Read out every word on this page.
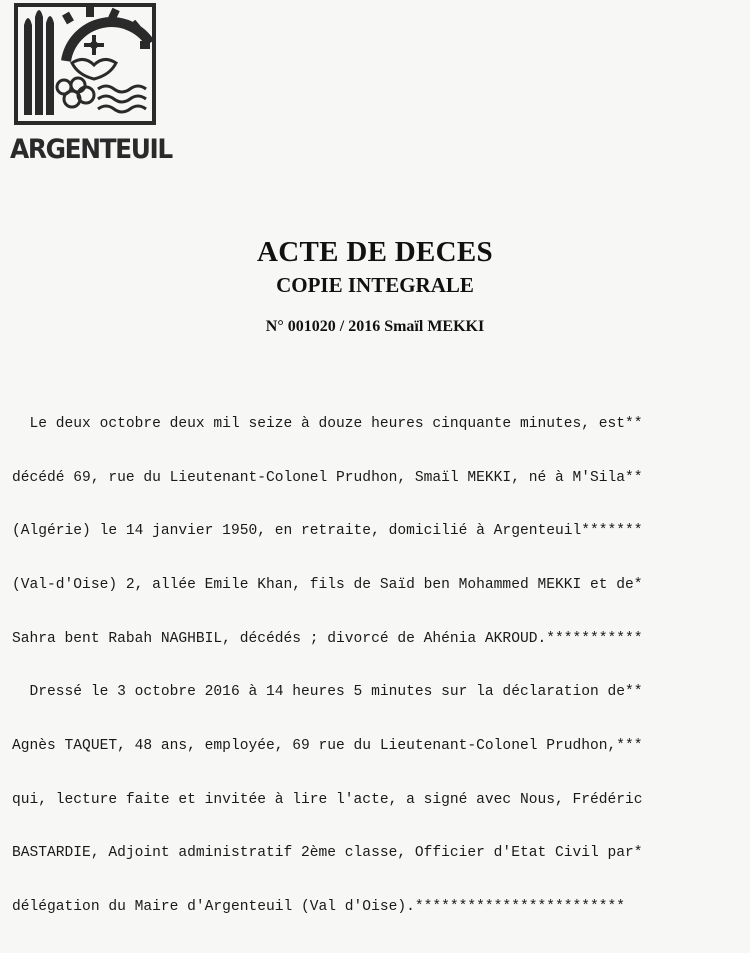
ARGENTEUIL
ACTE DE DECES
COPIE INTEGRALE
N° 001020 / 2016 Smaïl MEKKI

Le deux octobre deux mil seize à douze heures cinquante minutes, est**

décédé 69, rue du Lieutenant-Colonel Prudhon, Smaïl MEKKI, né à M'Sila**

(Algérie) le 14 janvier 1950, en retraite, domicilié à Argenteuil*******

(Val-d'Oise) 2, allée Emile Khan, fils de Saïd ben Mohammed MEKKI et de*

Sahra bent Rabah NAGHBIL, décédés ; divorcé de Ahénia AKROUD.***********

Dressé le 3 octobre 2016 à 14 heures 5 minutes sur la déclaration de**

Agnès TAQUET, 48 ans, employée, 69 rue du Lieutenant-Colonel Prudhon,***

qui, lecture faite et invitée à lire l'acte, a signé avec Nous, Frédéric

BASTARDIE, Adjoint administratif 2ème classe, Officier d'Etat Civil par*

délégation du Maire d'Argenteuil (Val d'Oise).************************
